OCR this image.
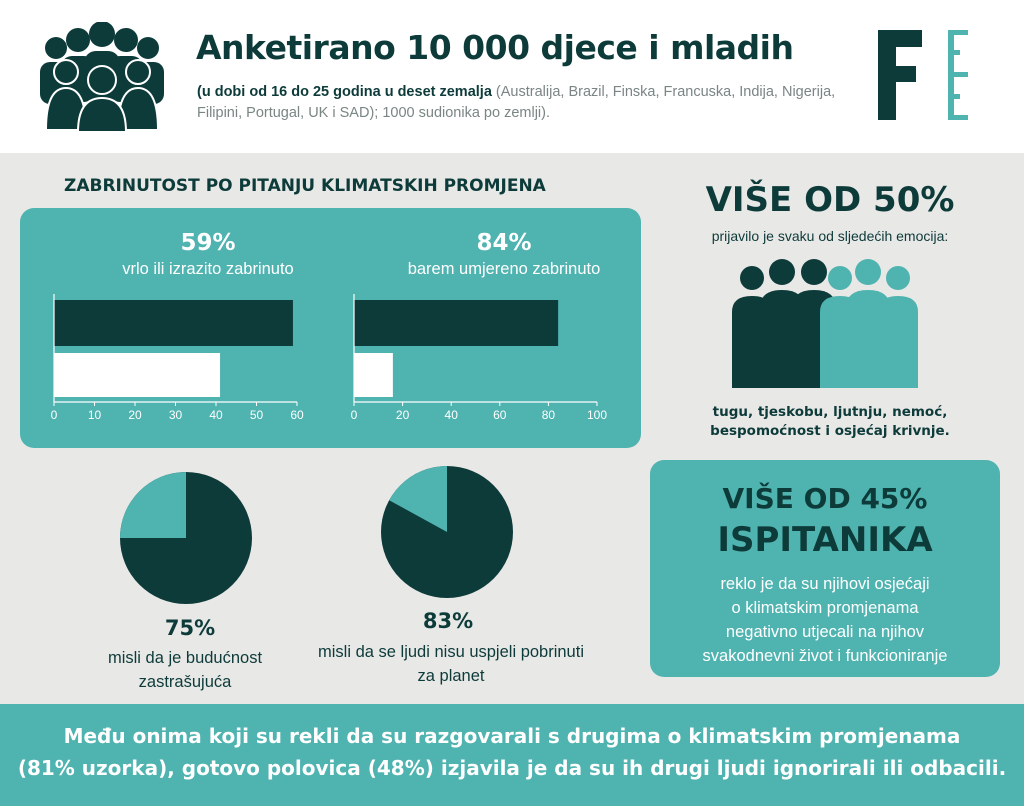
Anketirano 10 000 djece i mladih
(u dobi od 16 do 25 godina u deset zemalja (Australija, Brazil, Finska, Francuska, Indija, Nigerija, Filipini, Portugal, UK i SAD); 1000 sudionika po zemlji).
ZABRINUTOST PO PITANJU KLIMATSKIH PROMJENA
59%
vrlo ili izrazito zabrinuto
84%
barem umjereno zabrinuto
0	10 20 30 40 50 60	0	20	40	60	80	100
75%
misli da je budućnost zastrašujuća
83%
misli da se ljudi nisu uspjeli pobrinuti za planet
VIŠE OD 50%
prijavilo je svaku od sljedećih emocija:
tugu, tjeskobu, ljutnju, nemoć,
bespomoćnost i osjećaj krivnje.
VIŠE OD 45%
ISPITANIKA
reklo je da su njihovi osjećaji
o klimatskim promjenama
negativno utjecali na njihov
svakodnevni život i funkcioniranje
Među onima koji su rekli da su razgovarali s drugima o klimatskim promjenama
(81% uzorka), gotovo polovica (48%) izjavila je da su ih drugi ljudi ignorirali ili odbacili.
